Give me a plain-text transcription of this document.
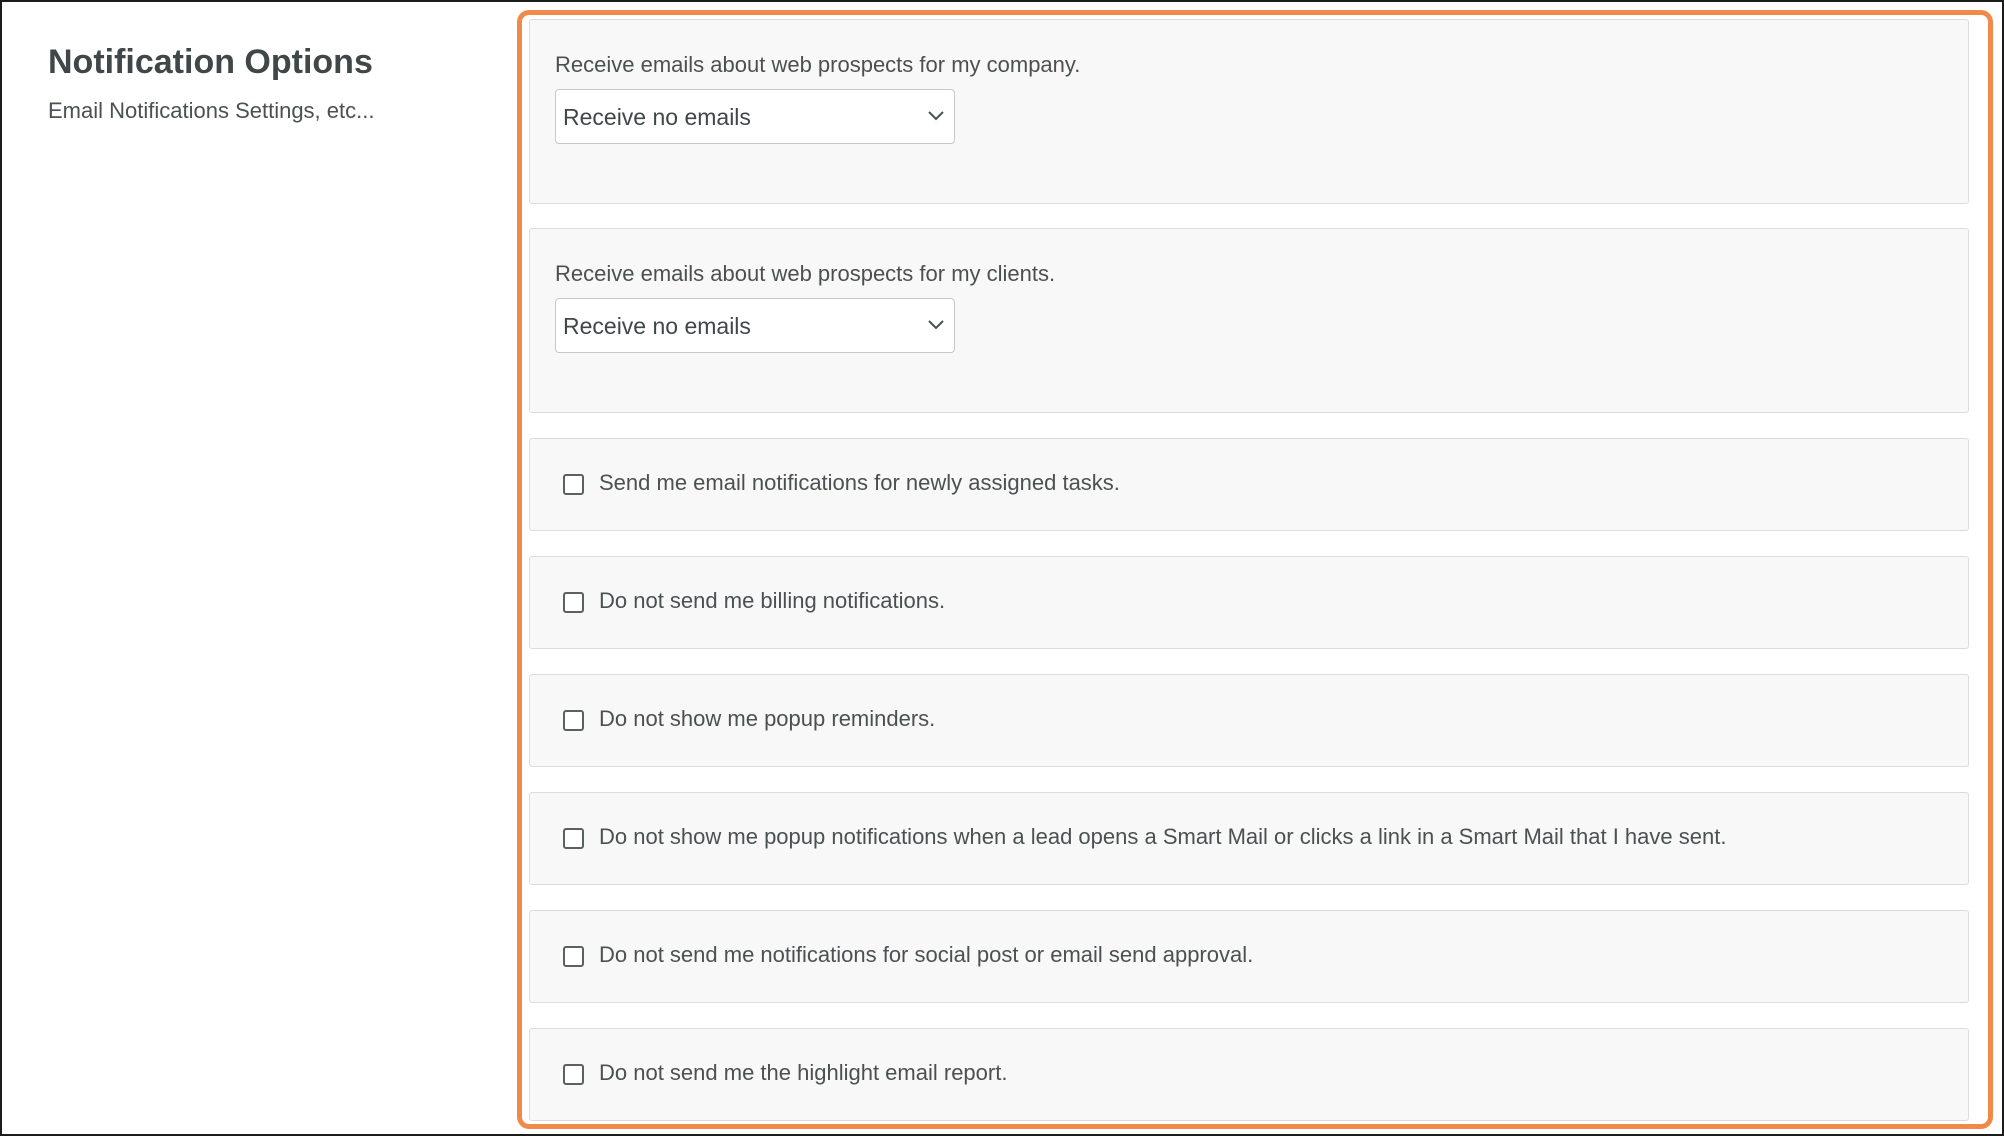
Notification Options
Email Notifications Settings, etc...
Receive emails about web prospects for my company.
Receive no emails
Receive emails about web prospects for my clients.
Receive no emails
Send me email notifications for newly assigned tasks.
Do not send me billing notifications.
Do not show me popup reminders.
Do not show me popup notifications when a lead opens a Smart Mail or clicks a link in a Smart Mail that I have sent.
Do not send me notifications for social post or email send approval.
Do not send me the highlight email report.
